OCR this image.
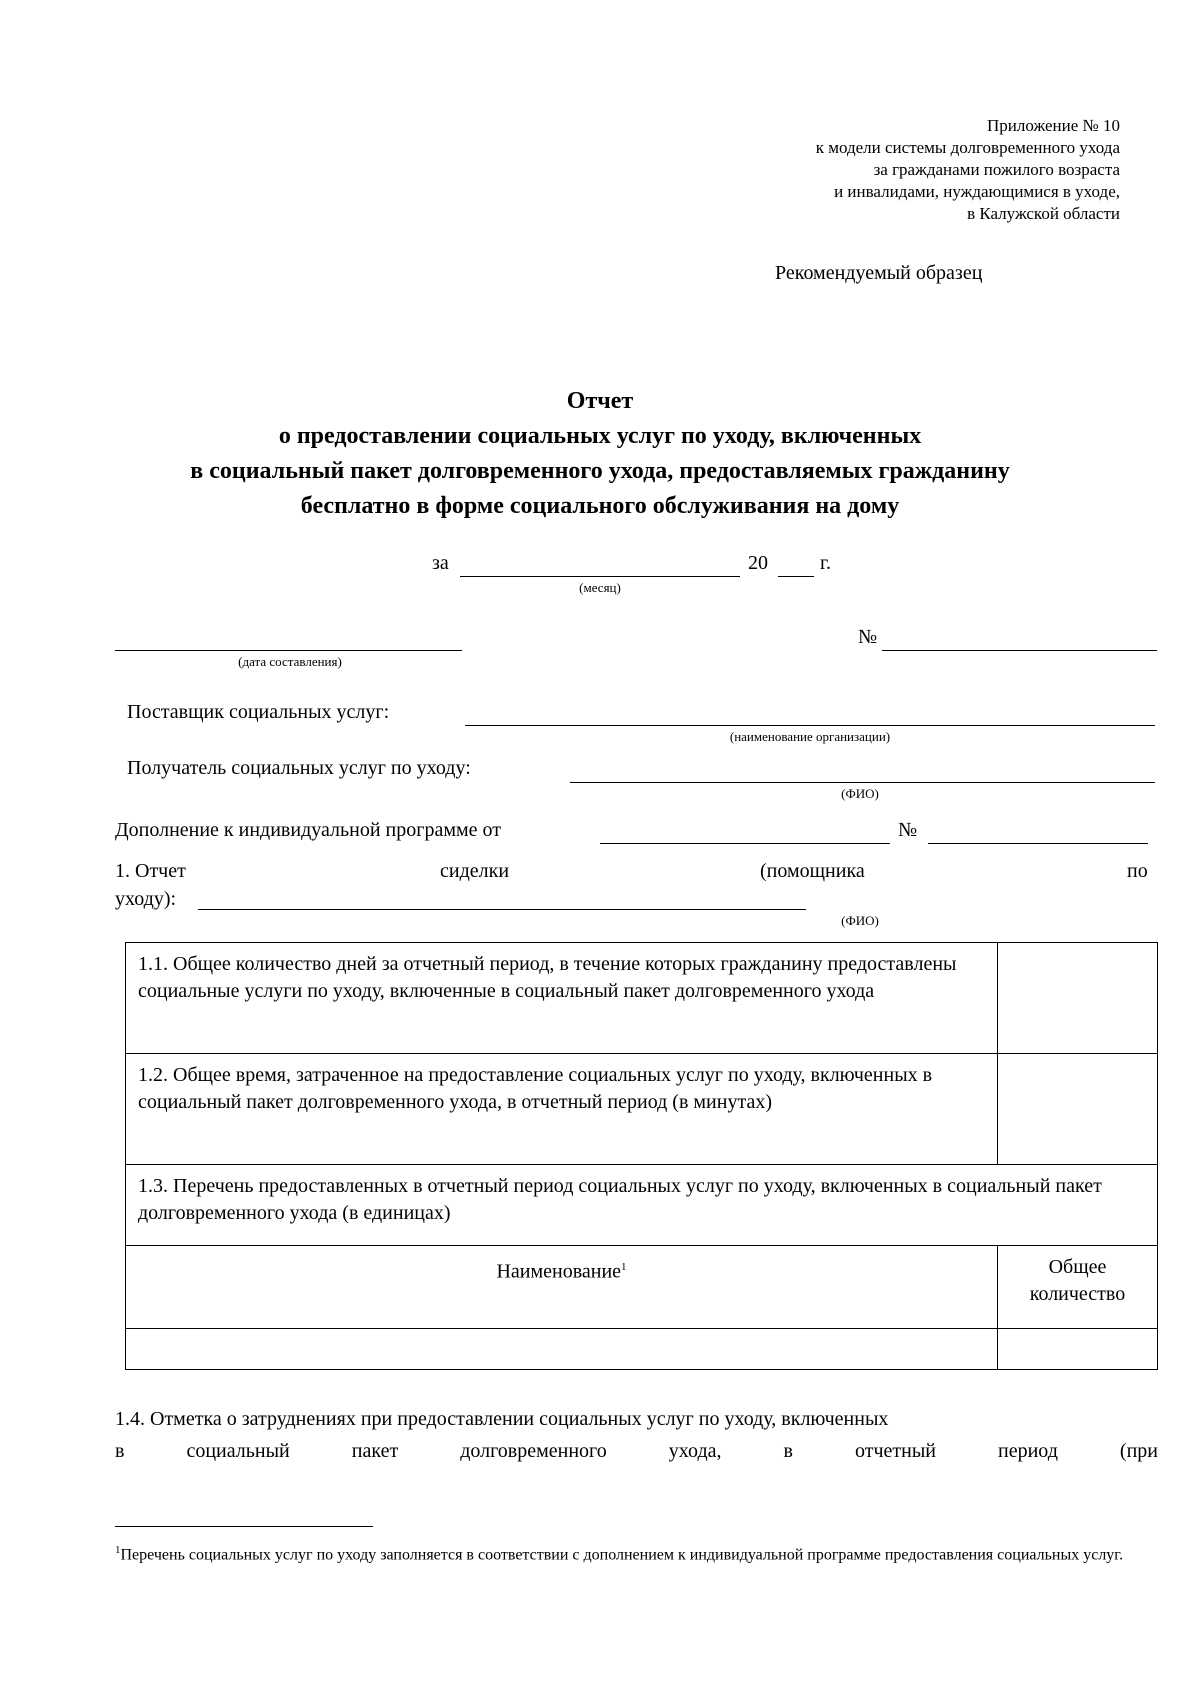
Приложение № 10
к модели системы долговременного ухода
за гражданами пожилого возраста
и инвалидами, нуждающимися в уходе,
в Калужской области
Рекомендуемый образец
Отчет
о предоставлении социальных услуг по уходу, включенных
в социальный пакет долговременного ухода, предоставляемых гражданину
бесплатно в форме социального обслуживания на дому
за
(месяц)
20	г.
(дата составления)
№
Поставщик социальных услуг:
(наименование организации)
Получатель социальных услуг по уходу:
(ФИО)
Дополнение к индивидуальной программе от	№
1. Отчет	сиделки	(помощника	по
уходу):
(ФИО)
1.1. Общее количество дней за отчетный период, в течение которых гражданину предоставлены социальные услуги по уходу, включенные в социальный пакет долговременного ухода	
1.2. Общее время, затраченное на предоставление социальных услуг по уходу, включенных в социальный пакет долговременного ухода, в отчетный период (в минутах)	
1.3. Перечень предоставленных в отчетный период социальных услуг по уходу, включенных в социальный пакет долговременного ухода (в единицах)	
Наименование$^1$	Общее количество

1.4. Отметка о затруднениях при предоставлении социальных услуг по уходу, включенных
в	социальный	пакет	долговременного	ухода,	в	отчетный	период	(при
$^1$Перечень социальных услуг по уходу заполняется в соответствии с дополнением к индивидуальной программе предоставления социальных услуг.
